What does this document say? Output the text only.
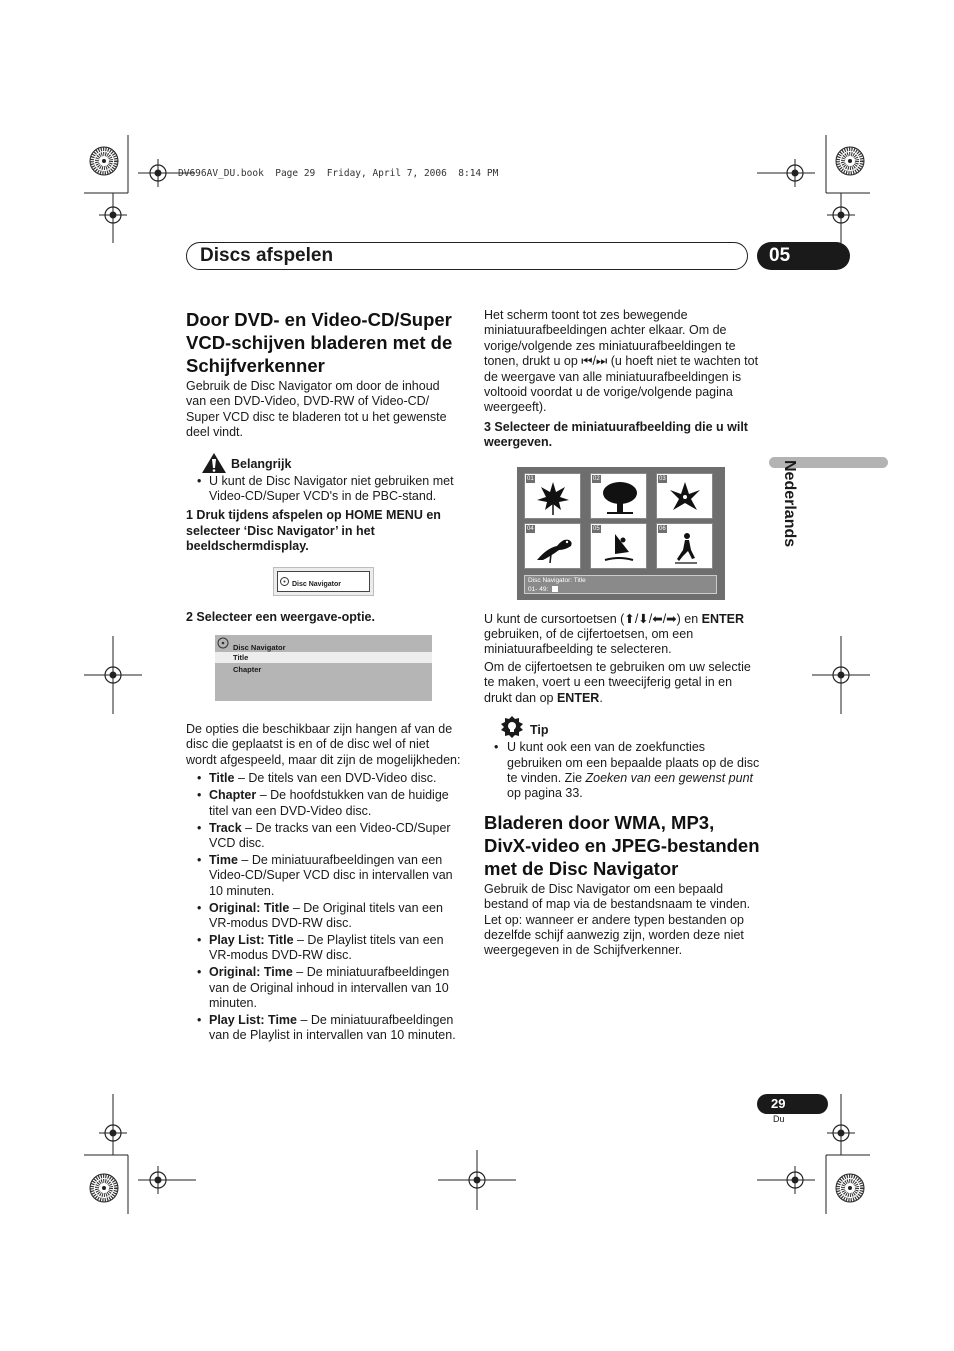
DV696AV_DU.book  Page 29  Friday, April 7, 2006  8:14 PM
Discs afspelen	05
Nederlands
Door DVD- en Video-CD/Super VCD-schijven bladeren met de Schijfverkenner

Gebruik de Disc Navigator om door de inhoud van een DVD-Video, DVD-RW of Video-CD/ Super VCD disc te bladeren tot u het gewenste deel vindt.

Belangrijk
• U kunt de Disc Navigator niet gebruiken met Video-CD/Super VCD's in de PBC-stand.

1 Druk tijdens afspelen op HOME MENU en selecteer ‘Disc Navigator’ in het beeldschermdisplay.

Disc Navigator

2 Selecteer een weergave-optie.

Disc Navigator
Title
Chapter

De opties die beschikbaar zijn hangen af van de disc die geplaatst is en of de disc wel of niet wordt afgespeeld, maar dit zijn de mogelijkheden:

• Title – De titels van een DVD-Video disc.
• Chapter – De hoofdstukken van de huidige titel van een DVD-Video disc.
• Track – De tracks van een Video-CD/Super VCD disc.
• Time – De miniatuurafbeeldingen van een Video-CD/Super VCD disc in intervallen van 10 minuten.
• Original: Title – De Original titels van een VR-modus DVD-RW disc.
• Play List: Title – De Playlist titels van een VR-modus DVD-RW disc.
• Original: Time – De miniatuurafbeeldingen van de Original inhoud in intervallen van 10 minuten.
• Play List: Time – De miniatuurafbeeldingen van de Playlist in intervallen van 10 minuten.

Het scherm toont tot zes bewegende miniatuurafbeeldingen achter elkaar. Om de vorige/volgende zes miniatuurafbeeldingen te tonen, drukt u op ⏮/⏭ (u hoeft niet te wachten tot de weergave van alle miniatuurafbeeldingen is voltooid voordat u de vorige/volgende pagina weergeeft).

3 Selecteer de miniatuurafbeelding die u wilt weergeven.

01	02	03
04	05	06
Disc Navigator: Title
01- 49:

U kunt de cursortoetsen (⬆/⬇/⬅/➡) en ENTER gebruiken, of de cijfertoetsen, om een miniatuurafbeelding te selecteren.

Om de cijfertoetsen te gebruiken om uw selectie te maken, voert u een tweecijferig getal in en drukt dan op ENTER.

Tip
• U kunt ook een van de zoekfuncties gebruiken om een bepaalde plaats op de disc te vinden. Zie Zoeken van een gewenst punt op pagina 33.
Bladeren door WMA, MP3, DivX-video en JPEG-bestanden met de Disc Navigator

Gebruik de Disc Navigator om een bepaald bestand of map via de bestandsnaam te vinden. Let op: wanneer er andere typen bestanden op dezelfde schijf aanwezig zijn, worden deze niet weergegeven in de Schijfverkenner.

29
Du
